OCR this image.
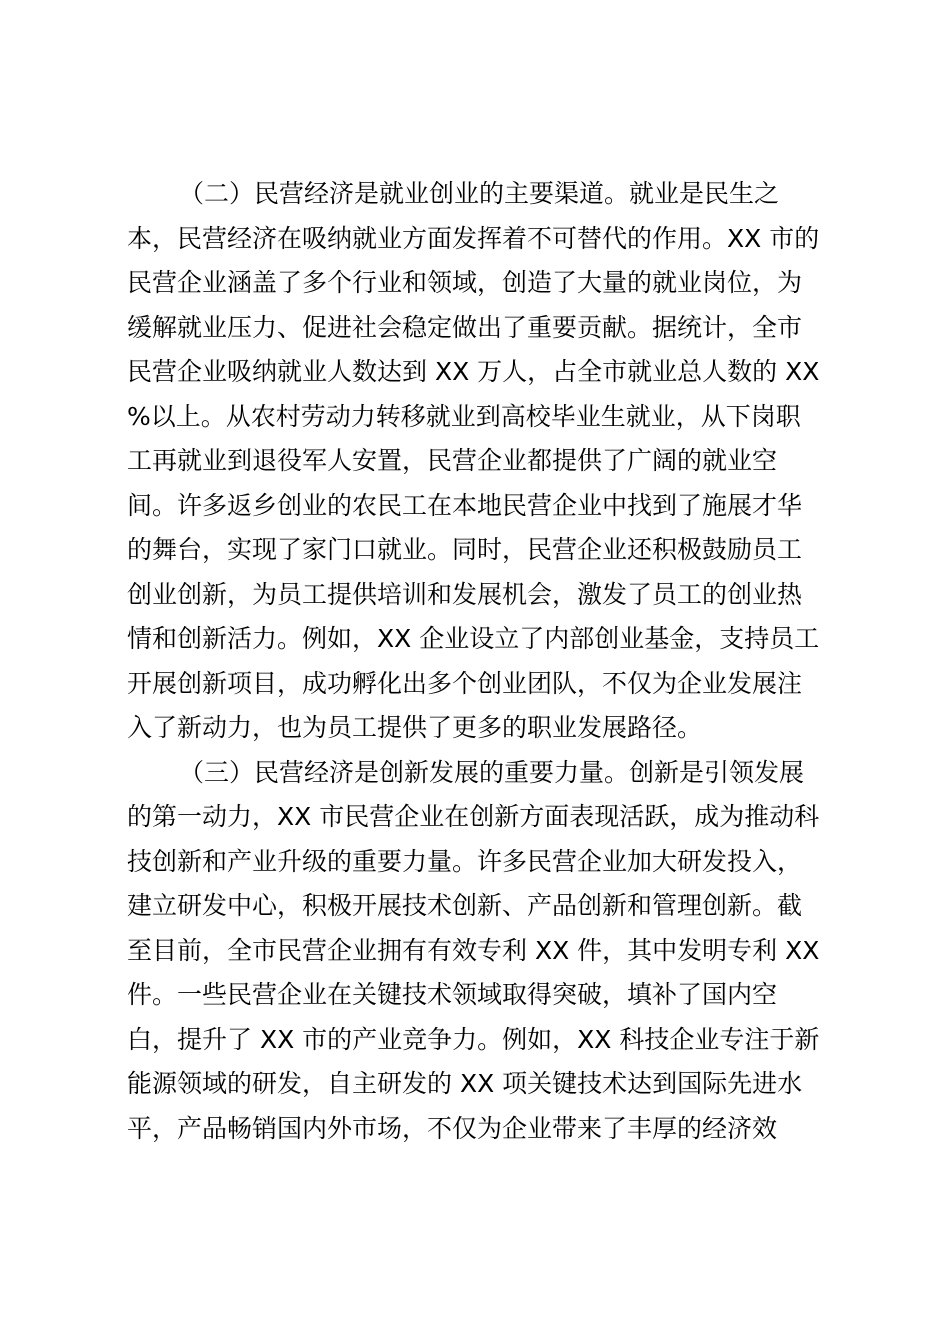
（二）民营经济是就业创业的主要渠道。就业是民生之
本，民营经济在吸纳就业方面发挥着不可替代的作用。XX 市的
民营企业涵盖了多个行业和领域，创造了大量的就业岗位，为
缓解就业压力、促进社会稳定做出了重要贡献。据统计，全市
民营企业吸纳就业人数达到 XX 万人，占全市就业总人数的 XX
%以上。从农村劳动力转移就业到高校毕业生就业，从下岗职
工再就业到退役军人安置，民营企业都提供了广阔的就业空
间。许多返乡创业的农民工在本地民营企业中找到了施展才华
的舞台，实现了家门口就业。同时，民营企业还积极鼓励员工
创业创新，为员工提供培训和发展机会，激发了员工的创业热
情和创新活力。例如，XX 企业设立了内部创业基金，支持员工
开展创新项目，成功孵化出多个创业团队，不仅为企业发展注
入了新动力，也为员工提供了更多的职业发展路径。
（三）民营经济是创新发展的重要力量。创新是引领发展
的第一动力，XX 市民营企业在创新方面表现活跃，成为推动科
技创新和产业升级的重要力量。许多民营企业加大研发投入，
建立研发中心，积极开展技术创新、产品创新和管理创新。截
至目前，全市民营企业拥有有效专利 XX 件，其中发明专利 XX
件。一些民营企业在关键技术领域取得突破，填补了国内空
白，提升了 XX 市的产业竞争力。例如，XX 科技企业专注于新
能源领域的研发，自主研发的 XX 项关键技术达到国际先进水
平，产品畅销国内外市场，不仅为企业带来了丰厚的经济效
